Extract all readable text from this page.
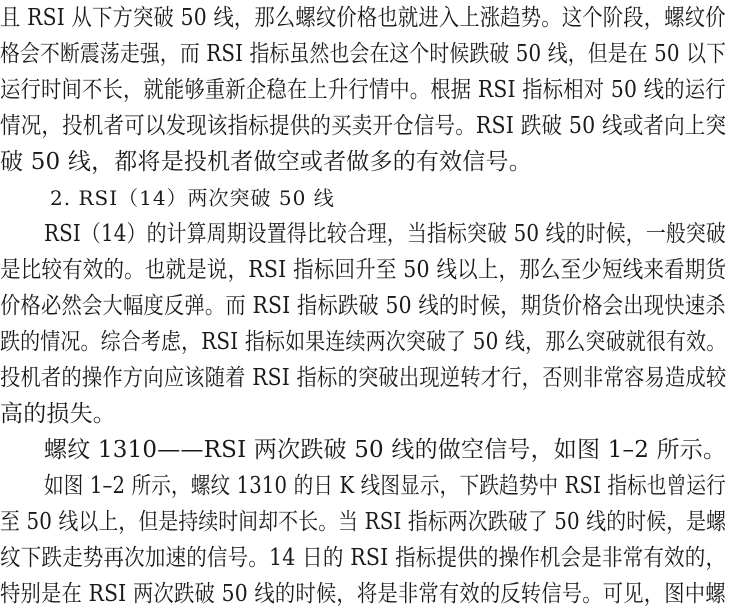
且 RSI 从下方突破 50 线，那么螺纹价格也就进入上涨趋势。这个阶段，螺纹价
格会不断震荡走强，而 RSI 指标虽然也会在这个时候跌破 50 线，但是在 50 以下
运行时间不长，就能够重新企稳在上升行情中。根据 RSI 指标相对 50 线的运行
情况，投机者可以发现该指标提供的买卖开仓信号。RSI 跌破 50 线或者向上突
破 50 线，都将是投机者做空或者做多的有效信号。
2. RSI（14）两次突破 50 线
RSI（14）的计算周期设置得比较合理，当指标突破 50 线的时候，一般突破
是比较有效的。也就是说，RSI 指标回升至 50 线以上，那么至少短线来看期货
价格必然会大幅度反弹。而 RSI 指标跌破 50 线的时候，期货价格会出现快速杀
跌的情况。综合考虑，RSI 指标如果连续两次突破了 50 线，那么突破就很有效。
投机者的操作方向应该随着 RSI 指标的突破出现逆转才行，否则非常容易造成较
高的损失。
螺纹 1310——RSI 两次跌破 50 线的做空信号，如图 1–2 所示。
如图 1–2 所示，螺纹 1310 的日 K 线图显示，下跌趋势中 RSI 指标也曾运行
至 50 线以上，但是持续时间却不长。当 RSI 指标两次跌破了 50 线的时候，是螺
纹下跌走势再次加速的信号。14 日的 RSI 指标提供的操作机会是非常有效的，
特别是在 RSI 两次跌破 50 线的时候，将是非常有效的反转信号。可见，图中螺
